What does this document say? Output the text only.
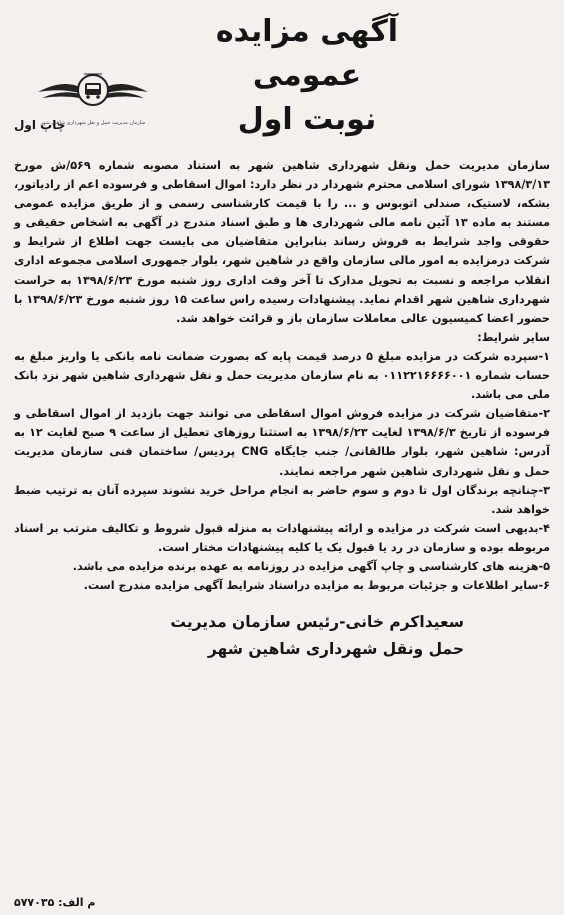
آگهی مزایده عمومی
نوبت اول
سازمان مدیریت حمل و نقل شهرداری شاهین شهر
چاپ اول

سازمان مدیریت حمل ونقل شهرداری شاهین شهر به استناد مصوبه شماره ۵۶۹/ش مورخ ۱۳۹۸/۳/۱۳ شورای اسلامی محترم شهردار در نظر دارد: اموال اسقاطی و فرسوده اعم از رادیاتور، بشکه، لاستیک، صندلی اتوبوس و ... را با قیمت کارشناسی رسمی و از طریق مزایده عمومی مستند به ماده ۱۳ آئین نامه مالی شهرداری ها و طبق اسناد مندرج در آگهی به اشخاص حقیقی و حقوقی واجد شرایط به فروش رساند بنابراین متقاضیان می بایست جهت اطلاع از شرایط و شرکت درمزایده به امور مالی سازمان واقع در شاهین شهر، بلوار جمهوری اسلامی مجموعه اداری انقلاب مراجعه و نسبت به تحویل مدارک تا آخر وقت اداری روز شنبه مورخ ۱۳۹۸/۶/۲۳ به حراست شهرداری شاهین شهر اقدام نماید. پیشنهادات رسیده راس ساعت ۱۵ روز شنبه مورخ ۱۳۹۸/۶/۲۳ با حضور اعضا کمیسیون عالی معاملات سازمان باز و قرائت خواهد شد.

سایر شرایط:

۱-سپرده شرکت در مزایده مبلغ ۵ درصد قیمت پایه که بصورت ضمانت نامه بانکی یا واریز مبلغ به حساب شماره ۰۱۱۲۲۱۶۶۶۶۰۰۱ به نام سازمان مدیریت حمل و نقل شهرداری شاهین شهر نزد بانک ملی می باشد.

۲-متقاضیان شرکت در مزایده فروش اموال اسقاطی می توانند جهت بازدید از اموال اسقاطی و فرسوده از تاریخ ۱۳۹۸/۶/۳ لغایت ۱۳۹۸/۶/۲۳ به استثنا روزهای تعطیل از ساعت ۹ صبح لغایت ۱۲ به آدرس: شاهین شهر، بلوار طالقانی/ جنب جایگاه CNG پردیس/ ساختمان فنی سازمان مدیریت حمل و نقل شهرداری شاهین شهر مراجعه نمایند.

۳-چنانچه برندگان اول تا دوم و سوم حاضر به انجام مراحل خرید نشوند سپرده آنان به ترتیب ضبط خواهد شد.

۴-بدیهی است شرکت در مزایده و ارائه پیشنهادات به منزله قبول شروط و تکالیف مترتب بر اسناد مربوطه بوده و سازمان در رد یا قبول یک یا کلیه پیشنهادات مختار است.

۵-هزینه های کارشناسی و چاپ آگهی مزایده در روزنامه به عهده برنده مزایده می باشد.

۶-سایر اطلاعات و جزئیات مربوط به مزایده دراسناد شرایط آگهی مزایده مندرج است.

سعیداکرم خانی-رئیس سازمان مدیریت
حمل ونقل شهرداری شاهین شهر
م الف: ۵۷۷۰۳۵
